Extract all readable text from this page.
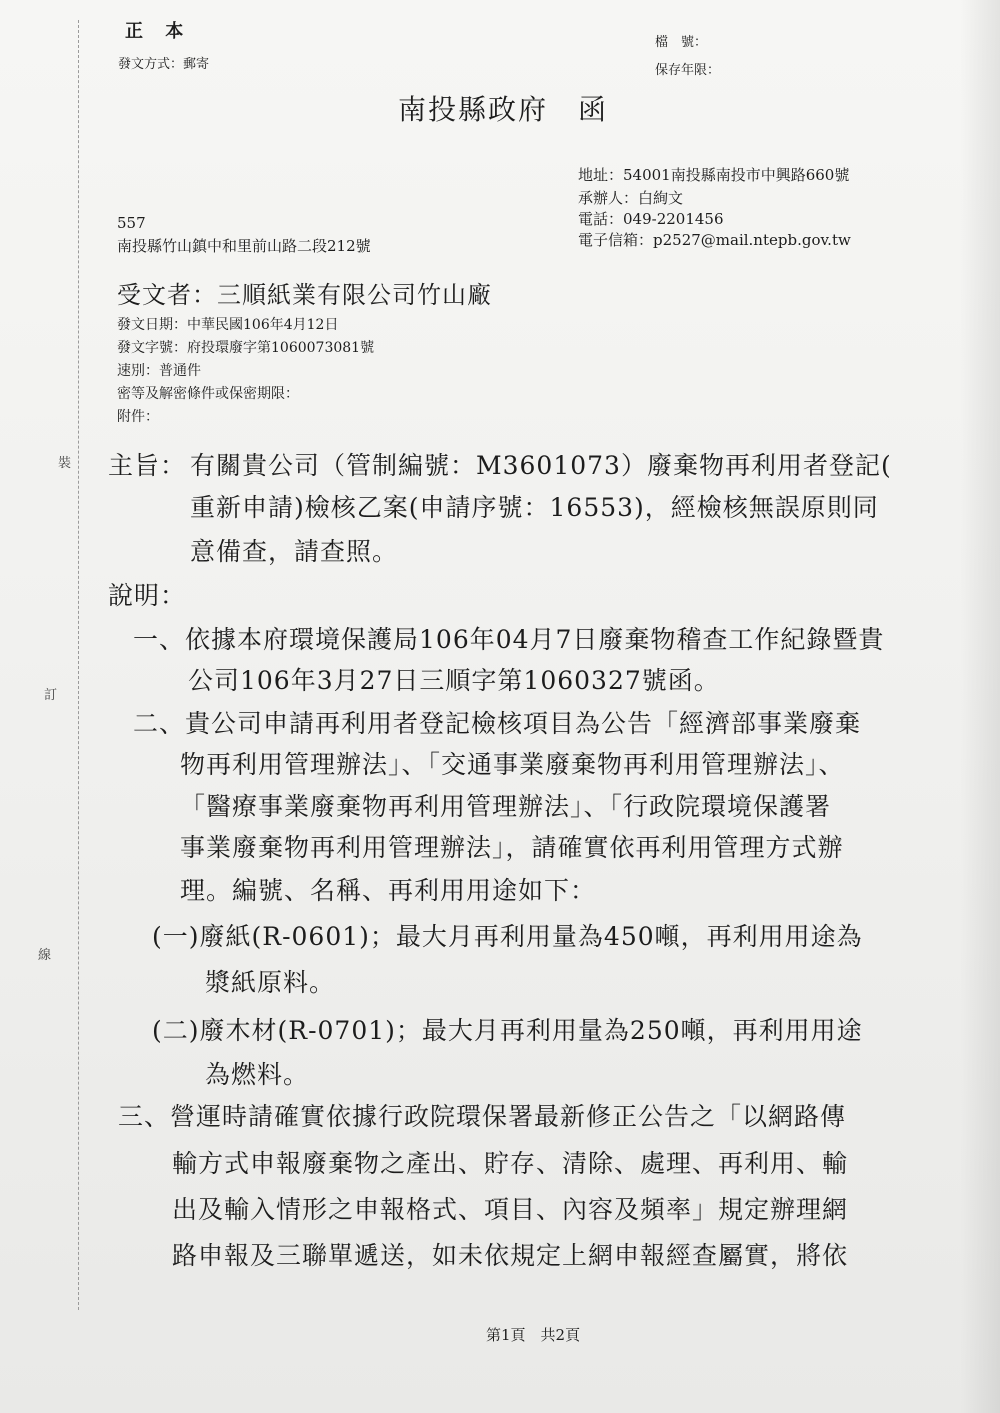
裝
訂
線
正 本
發文方式：郵寄
檔　號：
保存年限：
南投縣政府　函
地址：54001南投縣南投市中興路660號
承辦人：白絢文
電話：049-2201456
電子信箱：p2527@mail.ntepb.gov.tw
557
南投縣竹山鎮中和里前山路二段212號
受文者：三順紙業有限公司竹山廠
發文日期：中華民國106年4月12日
發文字號：府投環廢字第1060073081號
速別：普通件
密等及解密條件或保密期限：
附件：
主旨： 有關貴公司（管制編號：M3601073）廢棄物再利用者登記(
重新申請)檢核乙案(申請序號：16553)，經檢核無誤原則同
意備查，請查照。
說明：
一、依據本府環境保護局106年04月7日廢棄物稽查工作紀錄暨貴
公司106年3月27日三順字第1060327號函。
二、貴公司申請再利用者登記檢核項目為公告「經濟部事業廢棄
物再利用管理辦法」、「交通事業廢棄物再利用管理辦法」、
「醫療事業廢棄物再利用管理辦法」、「行政院環境保護署
事業廢棄物再利用管理辦法」，請確實依再利用管理方式辦
理。編號、名稱、再利用用途如下：
(一)廢紙(R-0601)；最大月再利用量為450噸，再利用用途為
漿紙原料。
(二)廢木材(R-0701)；最大月再利用量為250噸，再利用用途
為燃料。
三、營運時請確實依據行政院環保署最新修正公告之「以網路傳
輸方式申報廢棄物之產出、貯存、清除、處理、再利用、輸
出及輸入情形之申報格式、項目、內容及頻率」規定辦理網
路申報及三聯單遞送，如未依規定上網申報經查屬實，將依
第1頁　共2頁
